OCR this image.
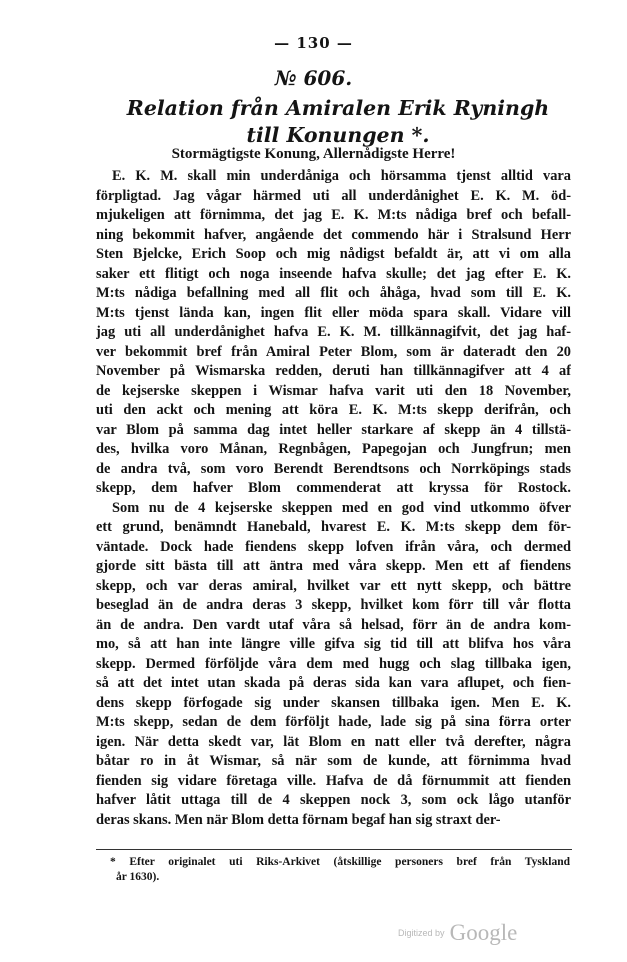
— 130 —
№ 606.
Relation från Amiralen Erik Ryningh
till Konungen *.
Stormägtigste Konung, Allernådigste Herre!
E. K. M. skall min underdåniga och hörsamma tjenst alltid vara
förpligtad. Jag vågar härmed uti all underdånighet E. K. M. öd-
mjukeligen att förnimma, det jag E. K. M:ts nådiga bref och befall-
ning bekommit hafver, angående det commendo här i Stralsund Herr
Sten Bjelcke, Erich Soop och mig nådigst befaldt är, att vi om alla
saker ett flitigt och noga inseende hafva skulle; det jag efter E. K.
M:ts nådiga befallning med all flit och åhåga, hvad som till E. K.
M:ts tjenst lända kan, ingen flit eller möda spara skall. Vidare vill
jag uti all underdånighet hafva E. K. M. tillkännagifvit, det jag haf-
ver bekommit bref från Amiral Peter Blom, som är dateradt den 20
November på Wismarska redden, deruti han tillkännagifver att 4 af
de kejserske skeppen i Wismar hafva varit uti den 18 November,
uti den ackt och mening att köra E. K. M:ts skepp derifrån, och
var Blom på samma dag intet heller starkare af skepp än 4 tillstä-
des, hvilka voro Månan, Regnbågen, Papegojan och Jungfrun; men
de andra två, som voro Berendt Berendtsons och Norrköpings stads
skepp, dem hafver Blom commenderat att kryssa för Rostock.
Som nu de 4 kejserske skeppen med en god vind utkommo öfver
ett grund, benämndt Hanebald, hvarest E. K. M:ts skepp dem för-
väntade. Dock hade fiendens skepp lofven ifrån våra, och dermed
gjorde sitt bästa till att äntra med våra skepp. Men ett af fiendens
skepp, och var deras amiral, hvilket var ett nytt skepp, och bättre
beseglad än de andra deras 3 skepp, hvilket kom förr till vår flotta
än de andra. Den vardt utaf våra så helsad, förr än de andra kom-
mo, så att han inte längre ville gifva sig tid till att blifva hos våra
skepp. Dermed förföljde våra dem med hugg och slag tillbaka igen,
så att det intet utan skada på deras sida kan vara aflupet, och fien-
dens skepp förfogade sig under skansen tillbaka igen. Men E. K.
M:ts skepp, sedan de dem förföljt hade, lade sig på sina förra orter
igen. När detta skedt var, lät Blom en natt eller två derefter, några
båtar ro in åt Wismar, så när som de kunde, att förnimma hvad
fienden sig vidare företaga ville. Hafva de då förnummit att fienden
hafver låtit uttaga till de 4 skeppen nock 3, som ock lågo utanför
deras skans. Men när Blom detta förnam begaf han sig straxt der-
* Efter originalet uti Riks-Arkivet (åtskillige personers bref från Tyskland
år 1630).
Digitized by Google
